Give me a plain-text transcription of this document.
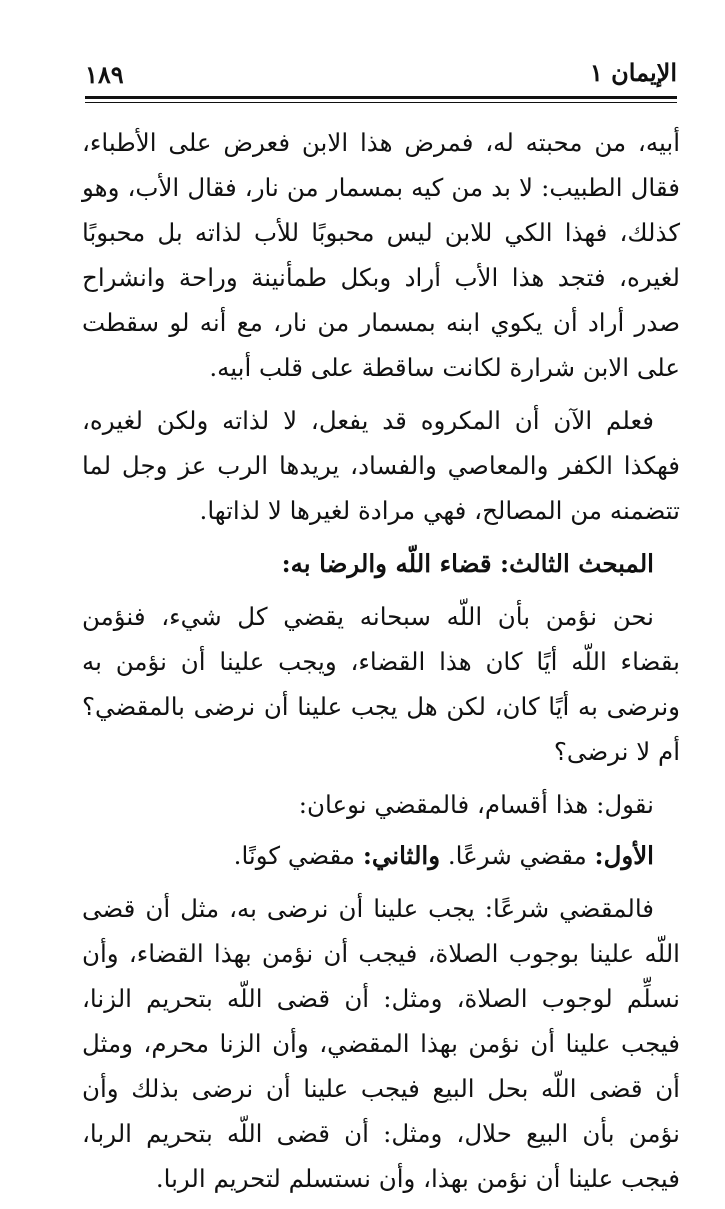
الإيمان ١
١٨٩

أبيه، من محبته له، فمرض هذا الابن فعرض على الأطباء، فقال الطبيب: لا بد من كيه بمسمار من نار، فقال الأب، وهو كذلك، فهذا الكي للابن ليس محبوبًا للأب لذاته بل محبوبًا لغيره، فتجد هذا الأب أراد وبكل طمأنينة وراحة وانشراح صدر أراد أن يكوي ابنه بمسمار من نار، مع أنه لو سقطت على الابن شرارة لكانت ساقطة على قلب أبيه.

فعلم الآن أن المكروه قد يفعل، لا لذاته ولكن لغيره، فهكذا الكفر والمعاصي والفساد، يريدها الرب عز وجل لما تتضمنه من المصالح، فهي مرادة لغيرها لا لذاتها.

المبحث الثالث: قضاء اللّه والرضا به:

نحن نؤمن بأن اللّه سبحانه يقضي كل شيء، فنؤمن بقضاء اللّه أيًا كان هذا القضاء، ويجب علينا أن نؤمن به ونرضى به أيًا كان، لكن هل يجب علينا أن نرضى بالمقضي؟ أم لا نرضى؟

نقول: هذا أقسام، فالمقضي نوعان:

الأول: مقضي شرعًا. والثاني: مقضي كونًا.

فالمقضي شرعًا: يجب علينا أن نرضى به، مثل أن قضى اللّه علينا بوجوب الصلاة، فيجب أن نؤمن بهذا القضاء، وأن نسلِّم لوجوب الصلاة، ومثل: أن قضى اللّه بتحريم الزنا، فيجب علينا أن نؤمن بهذا المقضي، وأن الزنا محرم، ومثل أن قضى اللّه بحل البيع فيجب علينا أن نرضى بذلك وأن نؤمن بأن البيع حلال، ومثل: أن قضى اللّه بتحريم الربا، فيجب علينا أن نؤمن بهذا، وأن نستسلم لتحريم الربا.
